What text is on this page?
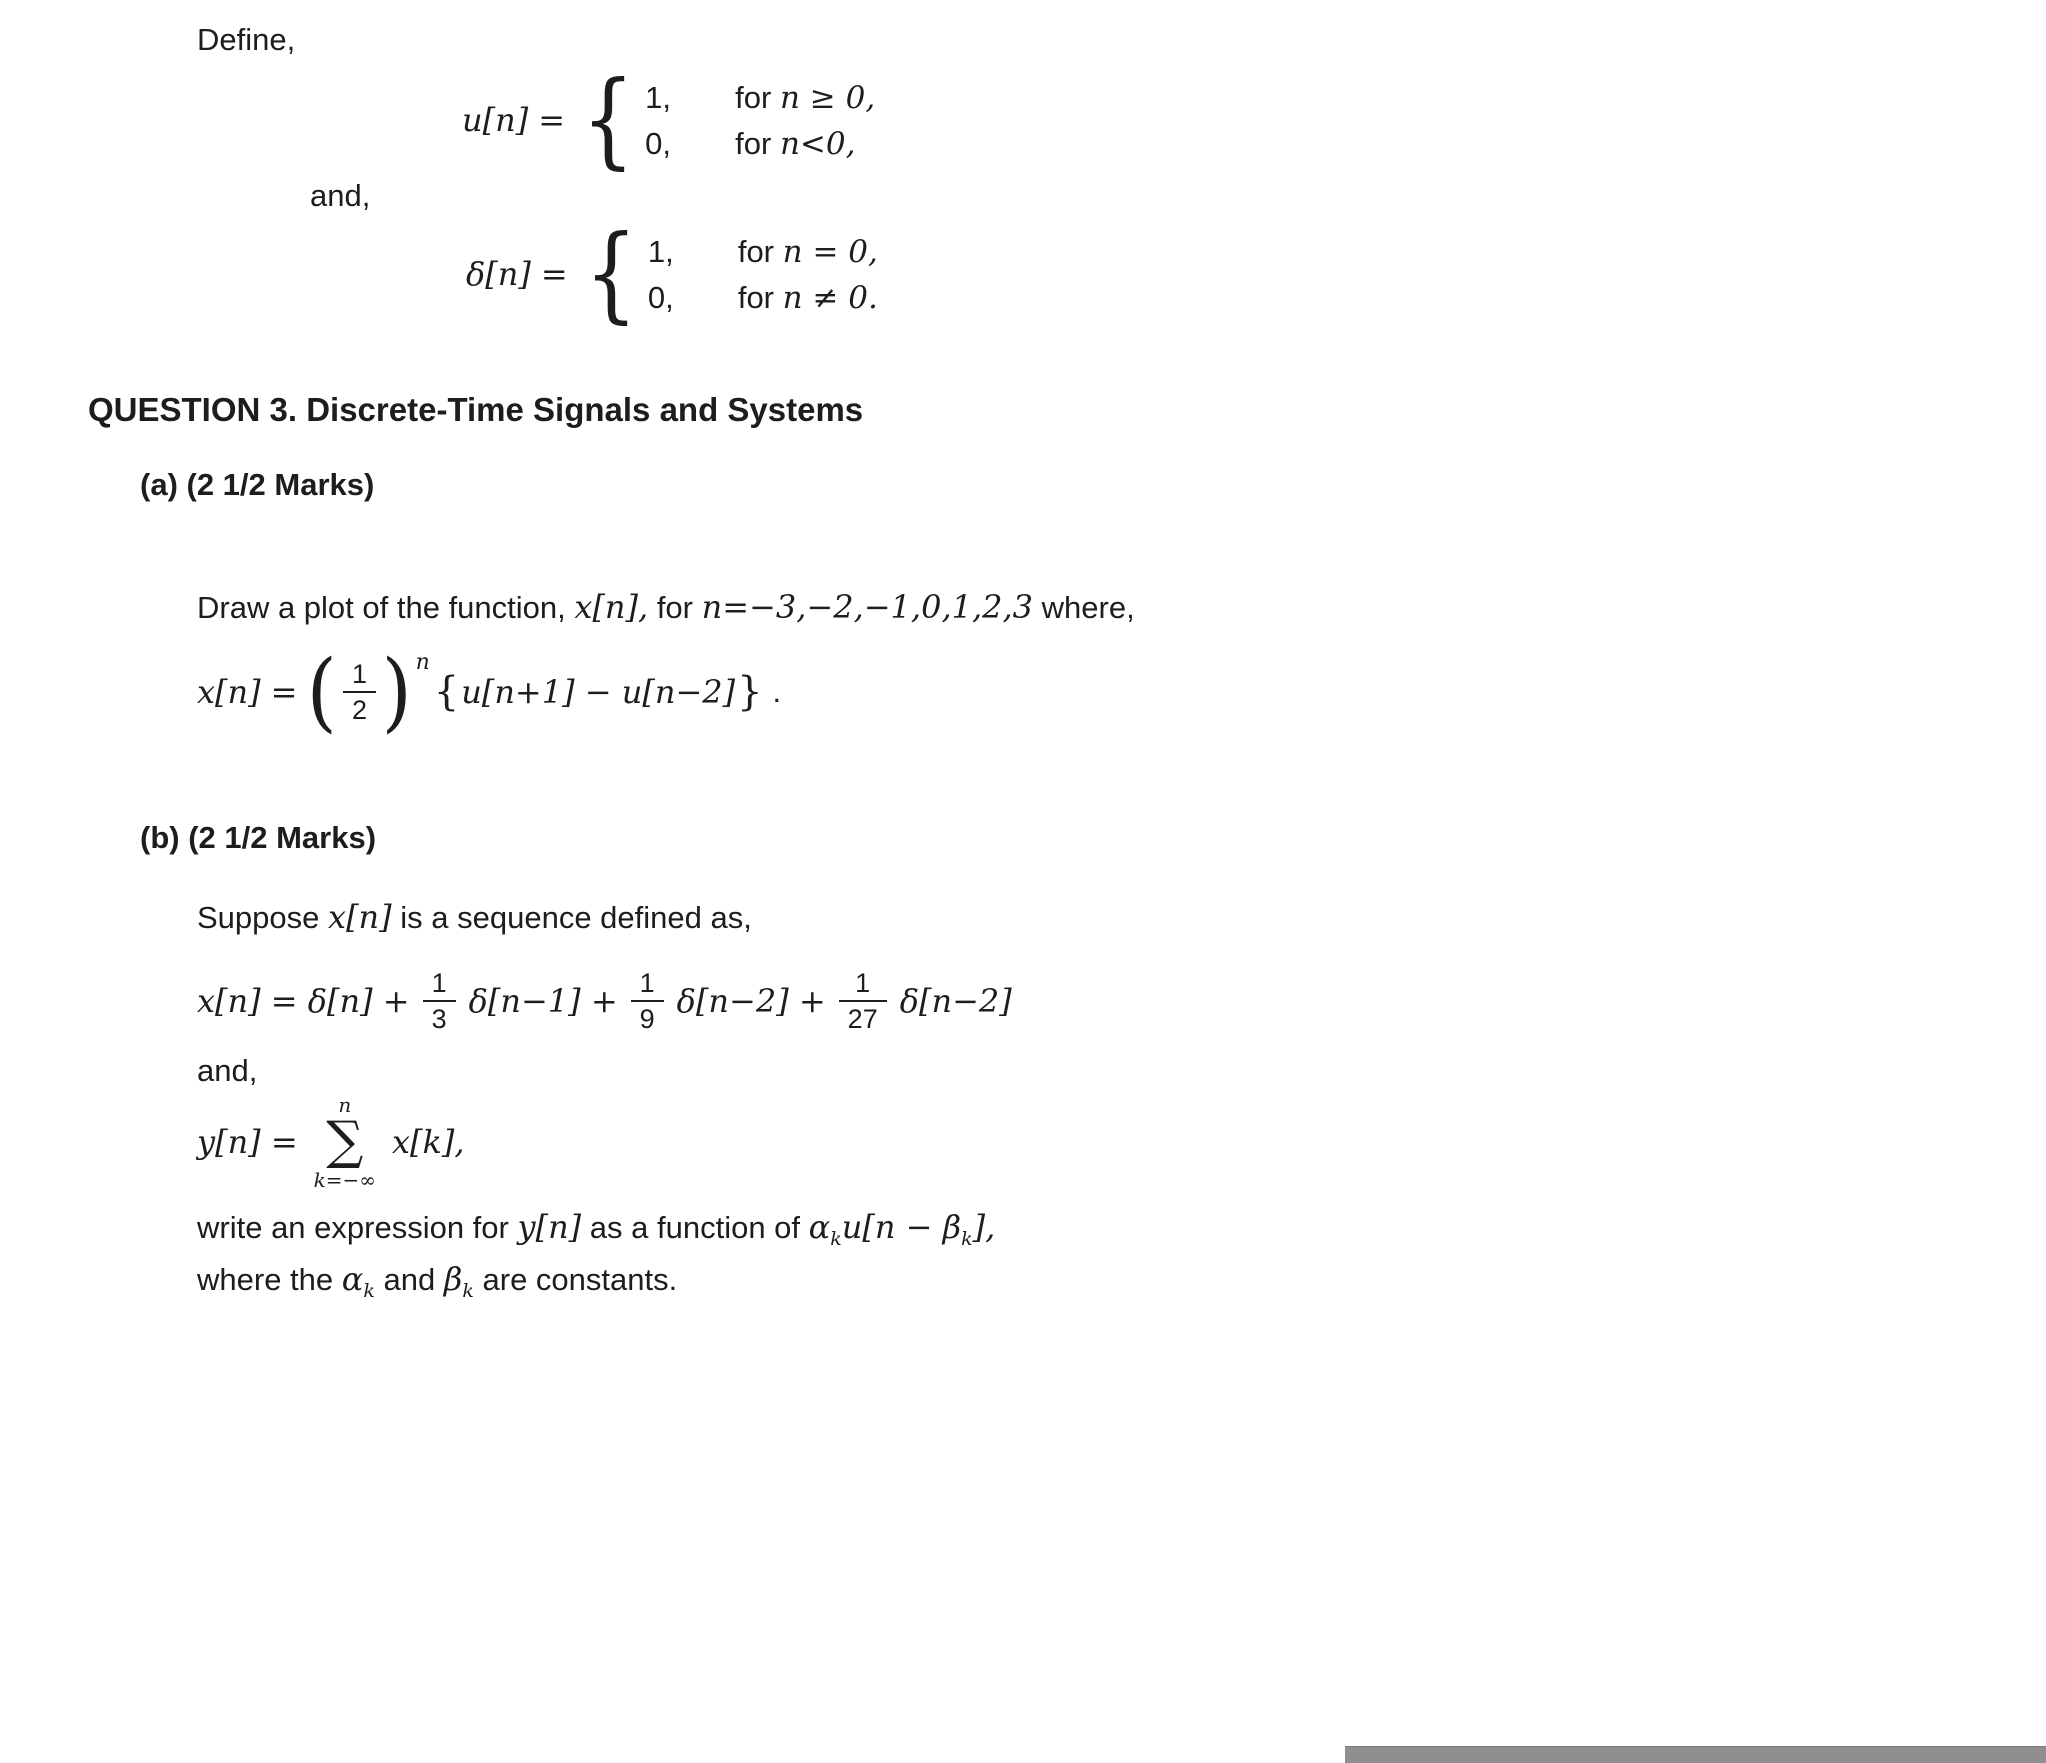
Define,

u[n] = { 1,	for n ≥ 0,
0,	for n<0,

and,

δ[n] = { 1,	for n = 0,
0,	for n ≠ 0.

QUESTION 3. Discrete-Time Signals and Systems

(a) (2 1/2 Marks)

Draw a plot of the function, x[n], for n=−3,−2,−1,0,1,2,3 where,

x[n] = ( $\frac{1}{2}$ ) n
{ u[n+1] − u[n−2] } .

(b) (2 1/2 Marks)

Suppose x[n] is a sequence defined as,

$x[n] = \delta[n] + \frac{1}{3} \delta[n-1] + \frac{1}{9} \delta[n-2] + \frac{1}{27} \delta[n-2]$

and,

y[n] =
n
∑
k=−∞
x[k],

write an expression for y[n] as a function of $\alpha_ku[n - \beta_k]$,

where the $\alpha_k$ and $\beta_k$ are constants.
